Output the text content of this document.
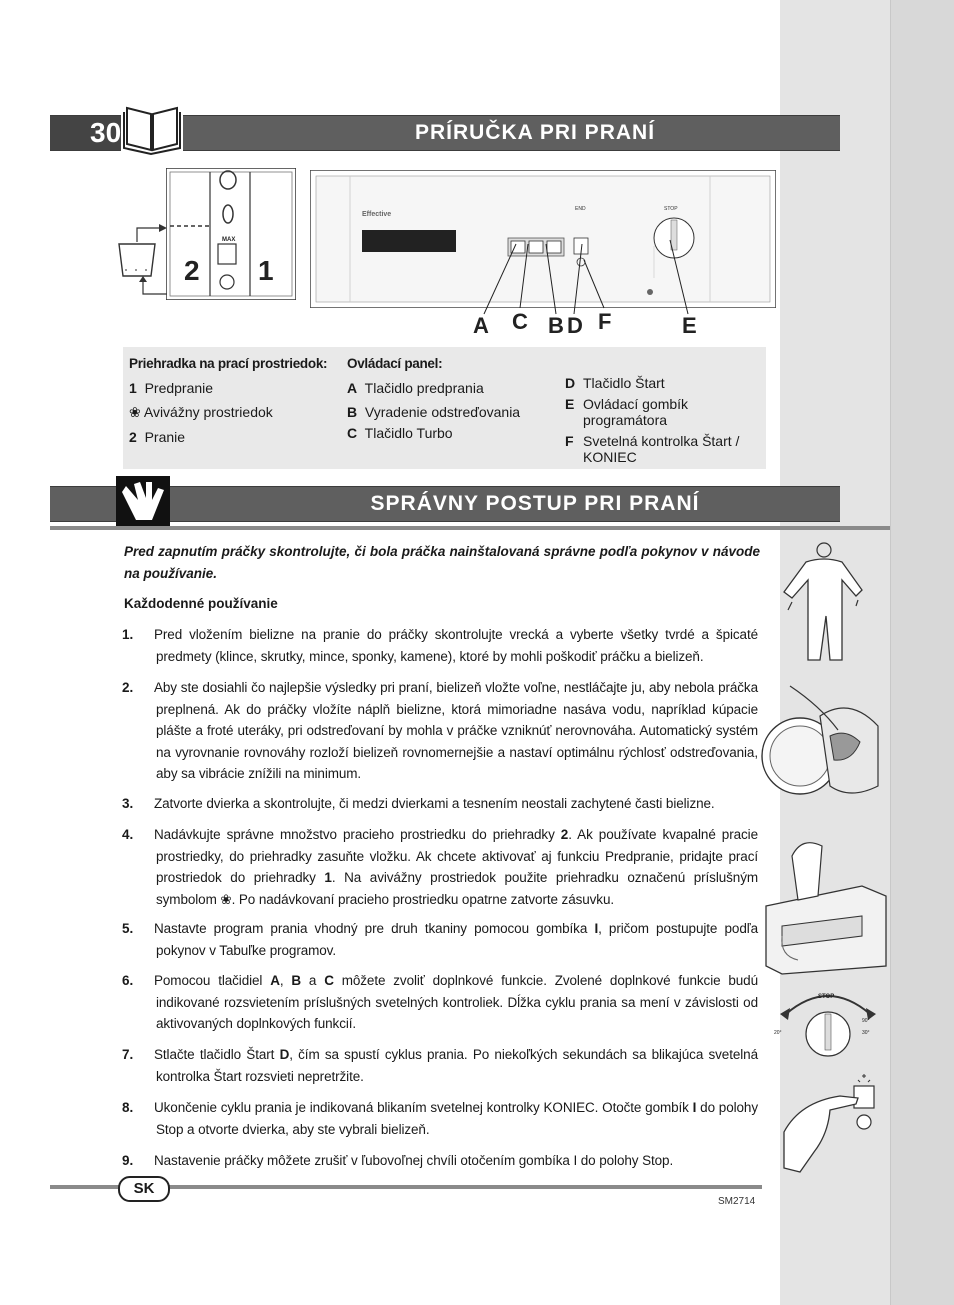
30	PRÍRUČKA PRI PRANÍ
MAX
2 1
Effective
END	STOP
A C B D F	E
Priehradka na prací prostriedok:
1 Predpranie
❀ Avivážny prostriedok
2 Pranie
Ovládací panel:
A Tlačidlo predprania
B Vyradenie odstreďovania
C Tlačidlo Turbo
D Tlačidlo Štart
E Ovládací gombík programátora
F Svetelná kontrolka Štart / KONIEC
SPRÁVNY POSTUP PRI PRANÍ
Pred zapnutím práčky skontrolujte, či bola práčka nainštalovaná správne podľa pokynov v návode na používanie.
Každodenné používanie
1. Pred vložením bielizne na pranie do práčky skontrolujte vrecká a vyberte všetky tvrdé a špicaté predmety (klince, skrutky, mince, sponky, kamene), ktoré by mohli poškodiť práčku a bielizeň.
2. Aby ste dosiahli čo najlepšie výsledky pri praní, bielizeň vložte voľne, nestláčajte ju, aby nebola práčka preplnená. Ak do práčky vložíte náplň bielizne, ktorá mimoriadne nasáva vodu, napríklad kúpacie plášte a froté uteráky, pri odstreďovaní by mohla v práčke vzniknúť nerovnováha. Automatický systém na vyrovnanie rovnováhy rozloží bielizeň rovnomernejšie a nastaví optimálnu rýchlosť odstreďovania, aby sa vibrácie znížili na minimum.
3. Zatvorte dvierka a skontrolujte, či medzi dvierkami a tesnením neostali zachytené časti bielizne.
4. Nadávkujte správne množstvo pracieho prostriedku do priehradky 2. Ak používate kvapalné pracie prostriedky, do priehradky zasuňte vložku. Ak chcete aktivovať aj funkciu Predpranie, pridajte prací prostriedok do priehradky 1. Na avivážny prostriedok použite priehradku označenú príslušným symbolom ❀. Po nadávkovaní pracieho prostriedku opatrne zatvorte zásuvku.
5. Nastavte program prania vhodný pre druh tkaniny pomocou gombíka I, pričom postupujte podľa pokynov v Tabuľke programov.
6. Pomocou tlačidiel A, B a C môžete zvoliť doplnkové funkcie. Zvolené doplnkové funkcie budú indikované rozsvietením príslušných svetelných kontroliek. Dĺžka cyklu prania sa mení v závislosti od aktivovaných doplnkových funkcií.
7. Stlačte tlačidlo Štart D, čím sa spustí cyklus prania. Po niekoľkých sekundách sa blikajúca svetelná kontrolka Štart rozsvieti nepretržite.
8. Ukončenie cyklu prania je indikovaná blikaním svetelnej kontrolky KONIEC. Otočte gombík I do polohy Stop a otvorte dvierka, aby ste vybrali bielizeň.
9. Nastavenie práčky môžete zrušiť v ľubovoľnej chvíli otočením gombíka I do polohy Stop.
STOP
20°
90°
30°
SK
SM2714
